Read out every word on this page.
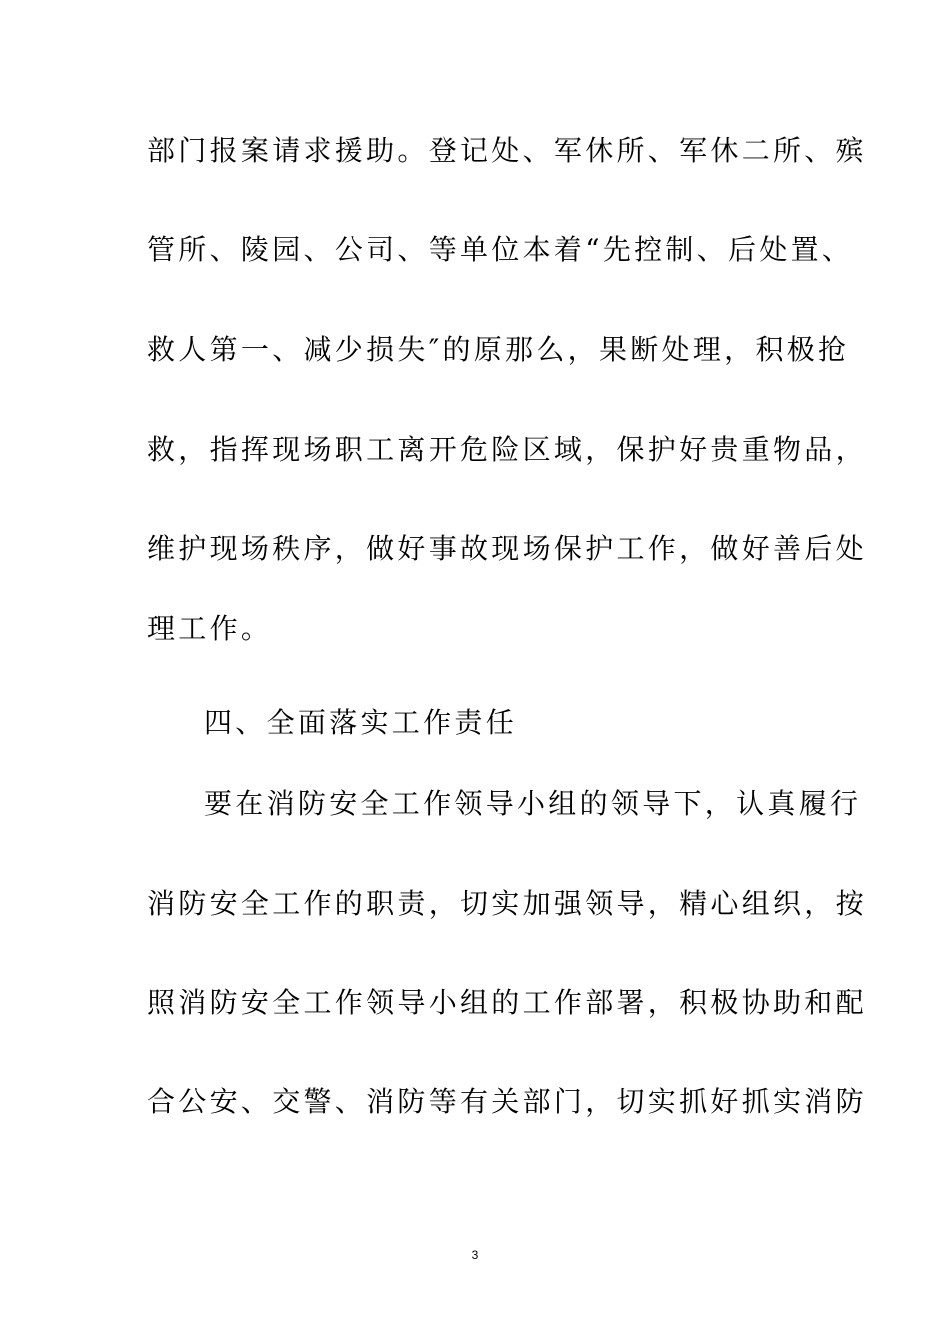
部门报案请求援助。登记处、军休所、军休二所、殡
管所、陵园、公司、等单位本着“先控制、后处置、
救人第一、减少损失″的原那么，果断处理，积极抢
救，指挥现场职工离开危险区域，保护好贵重物品，
维护现场秩序，做好事故现场保护工作，做好善后处
理工作。
四、全面落实工作责任
要在消防安全工作领导小组的领导下，认真履行
消防安全工作的职责，切实加强领导，精心组织，按
照消防安全工作领导小组的工作部署，积极协助和配
合公安、交警、消防等有关部门，切实抓好抓实消防
3
